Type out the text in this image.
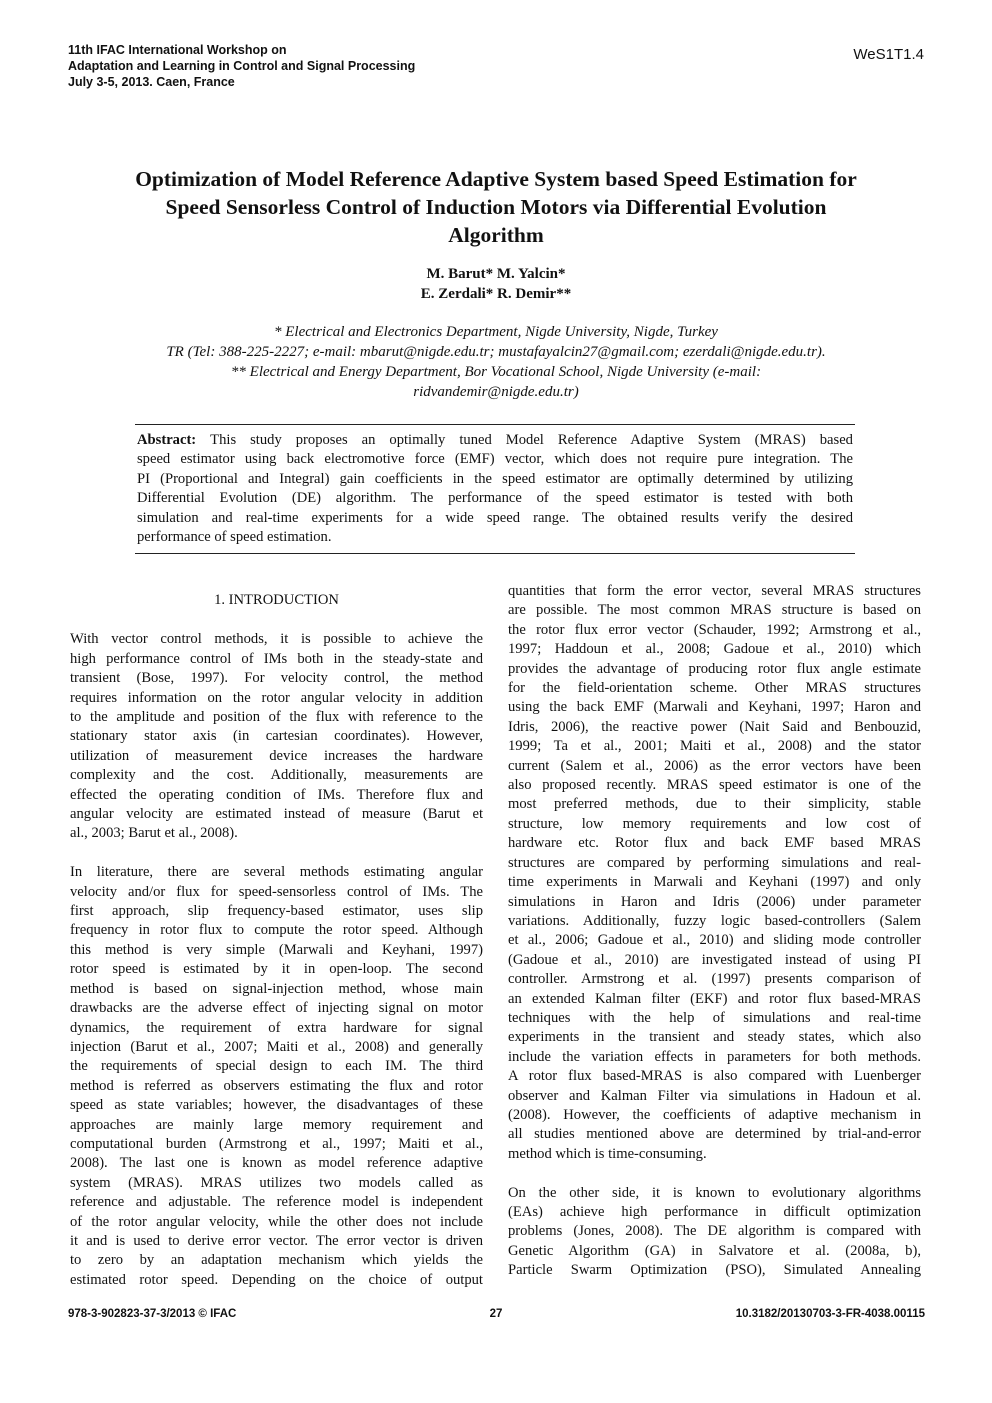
11th IFAC International Workshop on
Adaptation and Learning in Control and Signal Processing
July 3-5, 2013. Caen, France
WeS1T1.4
Optimization of Model Reference Adaptive System based Speed Estimation for
Speed Sensorless Control of Induction Motors via Differential Evolution
Algorithm
M. Barut* M. Yalcin*
E. Zerdali* R. Demir**
* Electrical and Electronics Department, Nigde University, Nigde, Turkey
TR (Tel: 388-225-2227; e-mail: mbarut@nigde.edu.tr; mustafayalcin27@gmail.com; ezerdali@nigde.edu.tr).
** Electrical and Energy Department, Bor Vocational School, Nigde University (e-mail:
ridvandemir@nigde.edu.tr)
Abstract: This study proposes an optimally tuned Model Reference Adaptive System (MRAS) based
speed estimator using back electromotive force (EMF) vector, which does not require pure integration. The
PI (Proportional and Integral) gain coefficients in the speed estimator are optimally determined by utilizing
Differential Evolution (DE) algorithm. The performance of the speed estimator is tested with both
simulation and real-time experiments for a wide speed range. The obtained results verify the desired
performance of speed estimation.
1. INTRODUCTION
With vector control methods, it is possible to achieve the
high performance control of IMs both in the steady-state and
transient (Bose, 1997). For velocity control, the method
requires information on the rotor angular velocity in addition
to the amplitude and position of the flux with reference to the
stationary stator axis (in cartesian coordinates). However,
utilization of measurement device increases the hardware
complexity and the cost. Additionally, measurements are
effected the operating condition of IMs. Therefore flux and
angular velocity are estimated instead of measure (Barut et
al., 2003; Barut et al., 2008).
In literature, there are several methods estimating angular
velocity and/or flux for speed-sensorless control of IMs. The
first approach, slip frequency-based estimator, uses slip
frequency in rotor flux to compute the rotor speed. Although
this method is very simple (Marwali and Keyhani, 1997)
rotor speed is estimated by it in open-loop. The second
method is based on signal-injection method, whose main
drawbacks are the adverse effect of injecting signal on motor
dynamics, the requirement of extra hardware for signal
injection (Barut et al., 2007; Maiti et al., 2008) and generally
the requirements of special design to each IM. The third
method is referred as observers estimating the flux and rotor
speed as state variables; however, the disadvantages of these
approaches are mainly large memory requirement and
computational burden (Armstrong et al., 1997; Maiti et al.,
2008). The last one is known as model reference adaptive
system (MRAS). MRAS utilizes two models called as
reference and adjustable. The reference model is independent
of the rotor angular velocity, while the other does not include
it and is used to derive error vector. The error vector is driven
to zero by an adaptation mechanism which yields the
estimated rotor speed. Depending on the choice of output
quantities that form the error vector, several MRAS structures
are possible. The most common MRAS structure is based on
the rotor flux error vector (Schauder, 1992; Armstrong et al.,
1997; Haddoun et al., 2008; Gadoue et al., 2010) which
provides the advantage of producing rotor flux angle estimate
for the field-orientation scheme. Other MRAS structures
using the back EMF (Marwali and Keyhani, 1997; Haron and
Idris, 2006), the reactive power (Nait Said and Benbouzid,
1999; Ta et al., 2001; Maiti et al., 2008) and the stator
current (Salem et al., 2006) as the error vectors have been
also proposed recently. MRAS speed estimator is one of the
most preferred methods, due to their simplicity, stable
structure, low memory requirements and low cost of
hardware etc. Rotor flux and back EMF based MRAS
structures are compared by performing simulations and real-
time experiments in Marwali and Keyhani (1997) and only
simulations in Haron and Idris (2006) under parameter
variations. Additionally, fuzzy logic based-controllers (Salem
et al., 2006; Gadoue et al., 2010) and sliding mode controller
(Gadoue et al., 2010) are investigated instead of using PI
controller. Armstrong et al. (1997) presents comparison of
an extended Kalman filter (EKF) and rotor flux based-MRAS
techniques with the help of simulations and real-time
experiments in the transient and steady states, which also
include the variation effects in parameters for both methods.
A rotor flux based-MRAS is also compared with Luenberger
observer and Kalman Filter via simulations in Hadoun et al.
(2008). However, the coefficients of adaptive mechanism in
all studies mentioned above are determined by trial-and-error
method which is time-consuming.
On the other side, it is known to evolutionary algorithms
(EAs) achieve high performance in difficult optimization
problems (Jones, 2008). The DE algorithm is compared with
Genetic Algorithm (GA) in Salvatore et al. (2008a, b),
Particle Swarm Optimization (PSO), Simulated Annealing
978-3-902823-37-3/2013 © IFAC	27	10.3182/20130703-3-FR-4038.00115
